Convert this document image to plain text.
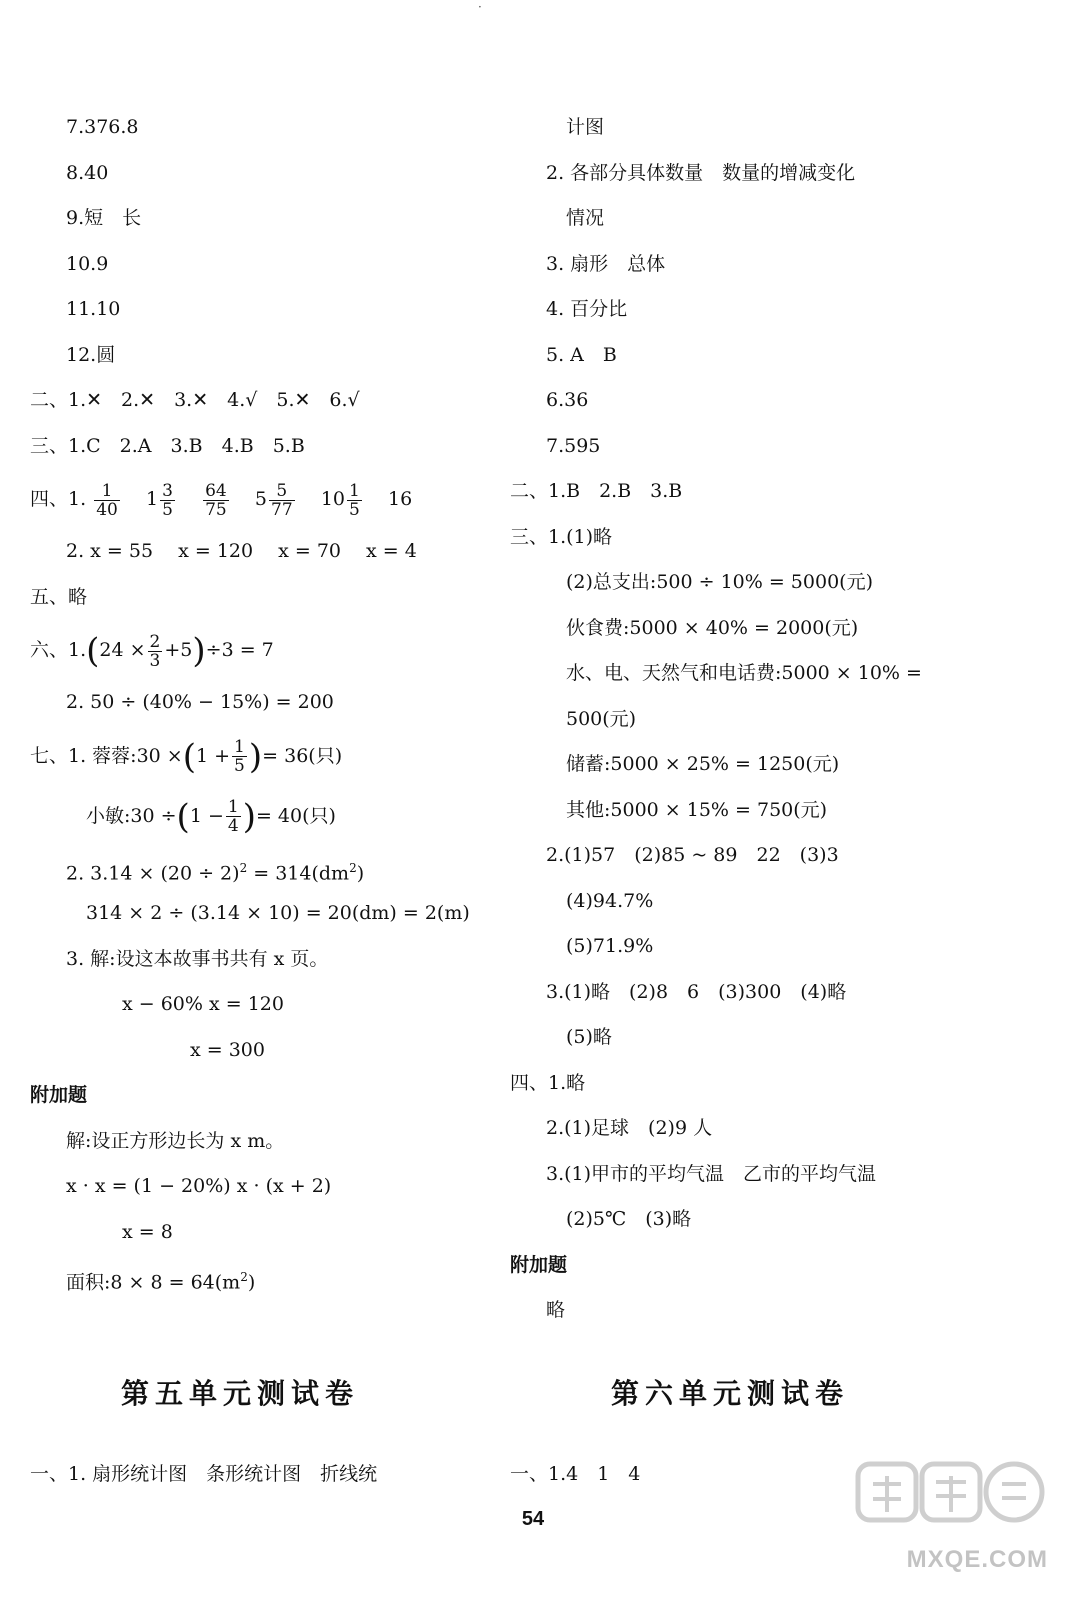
·
7.376.8
8.40
9.短　长
10.9
11.10
12.圆
二、1.✕　2.✕　3.✕　4.√　5.✕　6.√
三、1.C　2.A　3.B　4.B　5.B
四、1. $\frac{1}{40} 1 \frac{3}{5}$
$\frac{64}{75} 5 \frac{5}{77} 10 \frac{1}{5} 16$
2. x = 55　 x = 120　 x = 70　 x = 4
五、略
六、$1.(24 \times \frac{2}{3} +5)\div 3 = 7$
2. 50 ÷ (40% − 15%) = 200
七、1. 蓉蓉:30 $\times(1 + \frac{1}{5}$ )= 36(只)
小敏:30 $\div(1 - \frac{1}{4}$ )= 40(只)
2. $3.14 \times (20 \div 2)^2 = 314(dm^2)$
314 × 2 ÷ (3.14 × 10) = 20(dm) = 2(m)
3. 解:设这本故事书共有 x 页。
x − 60% x = 120
x = 300
附加题
解:设正方形边长为 x m。
x · x = (1 − 20%) x · (x + 2)
x = 8
面积:8 × $8 = 64(m^2)$
计图
2. 各部分具体数量　数量的增减变化
情况
3. 扇形　总体
4. 百分比
5. A　B
6.36
7.595
二、1.B　2.B　3.B
三、1.(1)略
(2)总支出:500 ÷ 10% = 5000(元)
伙食费:5000 × 40% = 2000(元)
水、电、天然气和电话费:5000 × 10% =
500(元)
储蓄:5000 × 25% = 1250(元)
其他:5000 × 15% = 750(元)
2.(1)57　(2)85 ~ 89　22　(3)3
(4)94.7%
(5)71.9%
3.(1)略　(2)8　6　(3)300　(4)略
(5)略
四、1.略
2.(1)足球　(2)9 人
3.(1)甲市的平均气温　乙市的平均气温
(2)5℃　(3)略
附加题
略
第五单元测试卷	第六单元测试卷
一、1. 扇形统计图　条形统计图　折线统	一、1.4　1　4
54
MXQE.COM
